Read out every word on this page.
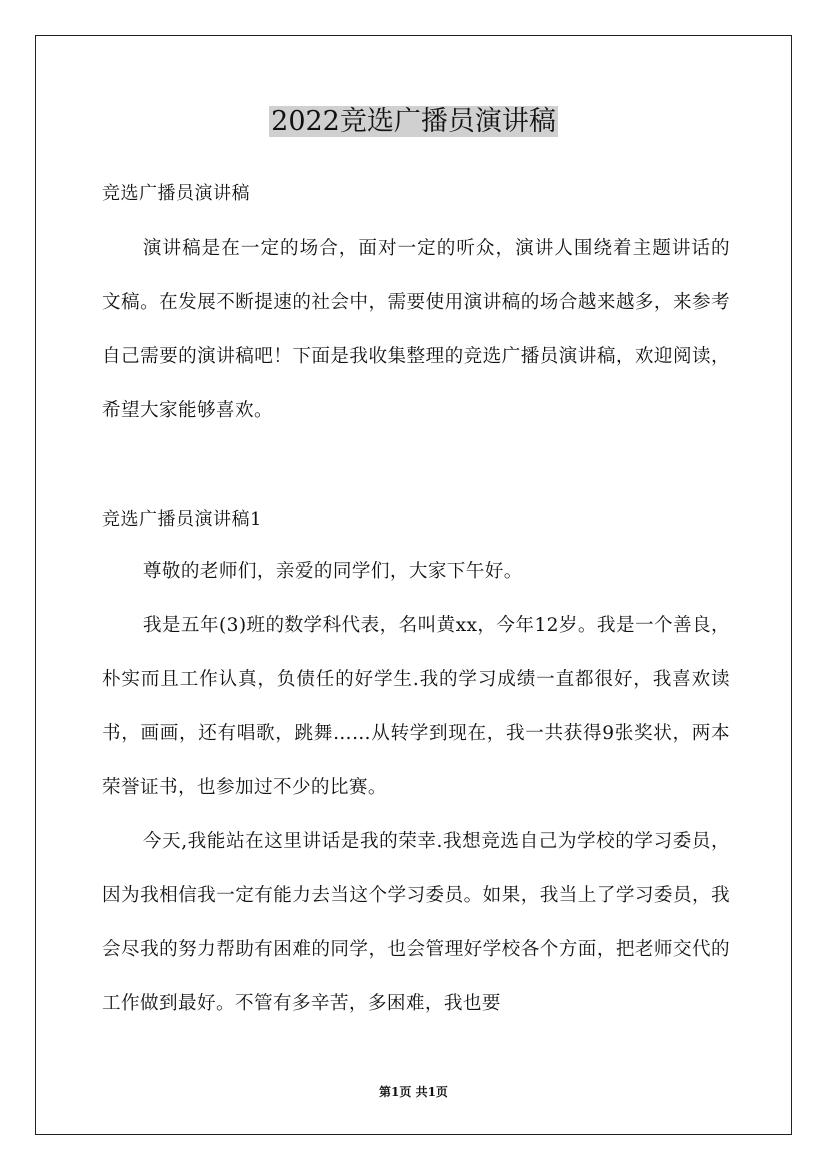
2022竞选广播员演讲稿

竞选广播员演讲稿

演讲稿是在一定的场合，面对一定的听众，演讲人围绕着主题讲话的文稿。在发展不断提速的社会中，需要使用演讲稿的场合越来越多，来参考自己需要的演讲稿吧！下面是我收集整理的竞选广播员演讲稿，欢迎阅读，希望大家能够喜欢。

竞选广播员演讲稿1

尊敬的老师们，亲爱的同学们，大家下午好。

我是五年(3)班的数学科代表，名叫黄xx，今年12岁。我是一个善良，朴实而且工作认真，负债任的好学生.我的学习成绩一直都很好，我喜欢读书，画画，还有唱歌，跳舞……从转学到现在，我一共获得9张奖状，两本荣誉证书，也参加过不少的比赛。

今天,我能站在这里讲话是我的荣幸.我想竞选自己为学校的学习委员，因为我相信我一定有能力去当这个学习委员。如果，我当上了学习委员，我会尽我的努力帮助有困难的同学，也会管理好学校各个方面，把老师交代的工作做到最好。不管有多辛苦，多困难，我也要

第1页 共1页
